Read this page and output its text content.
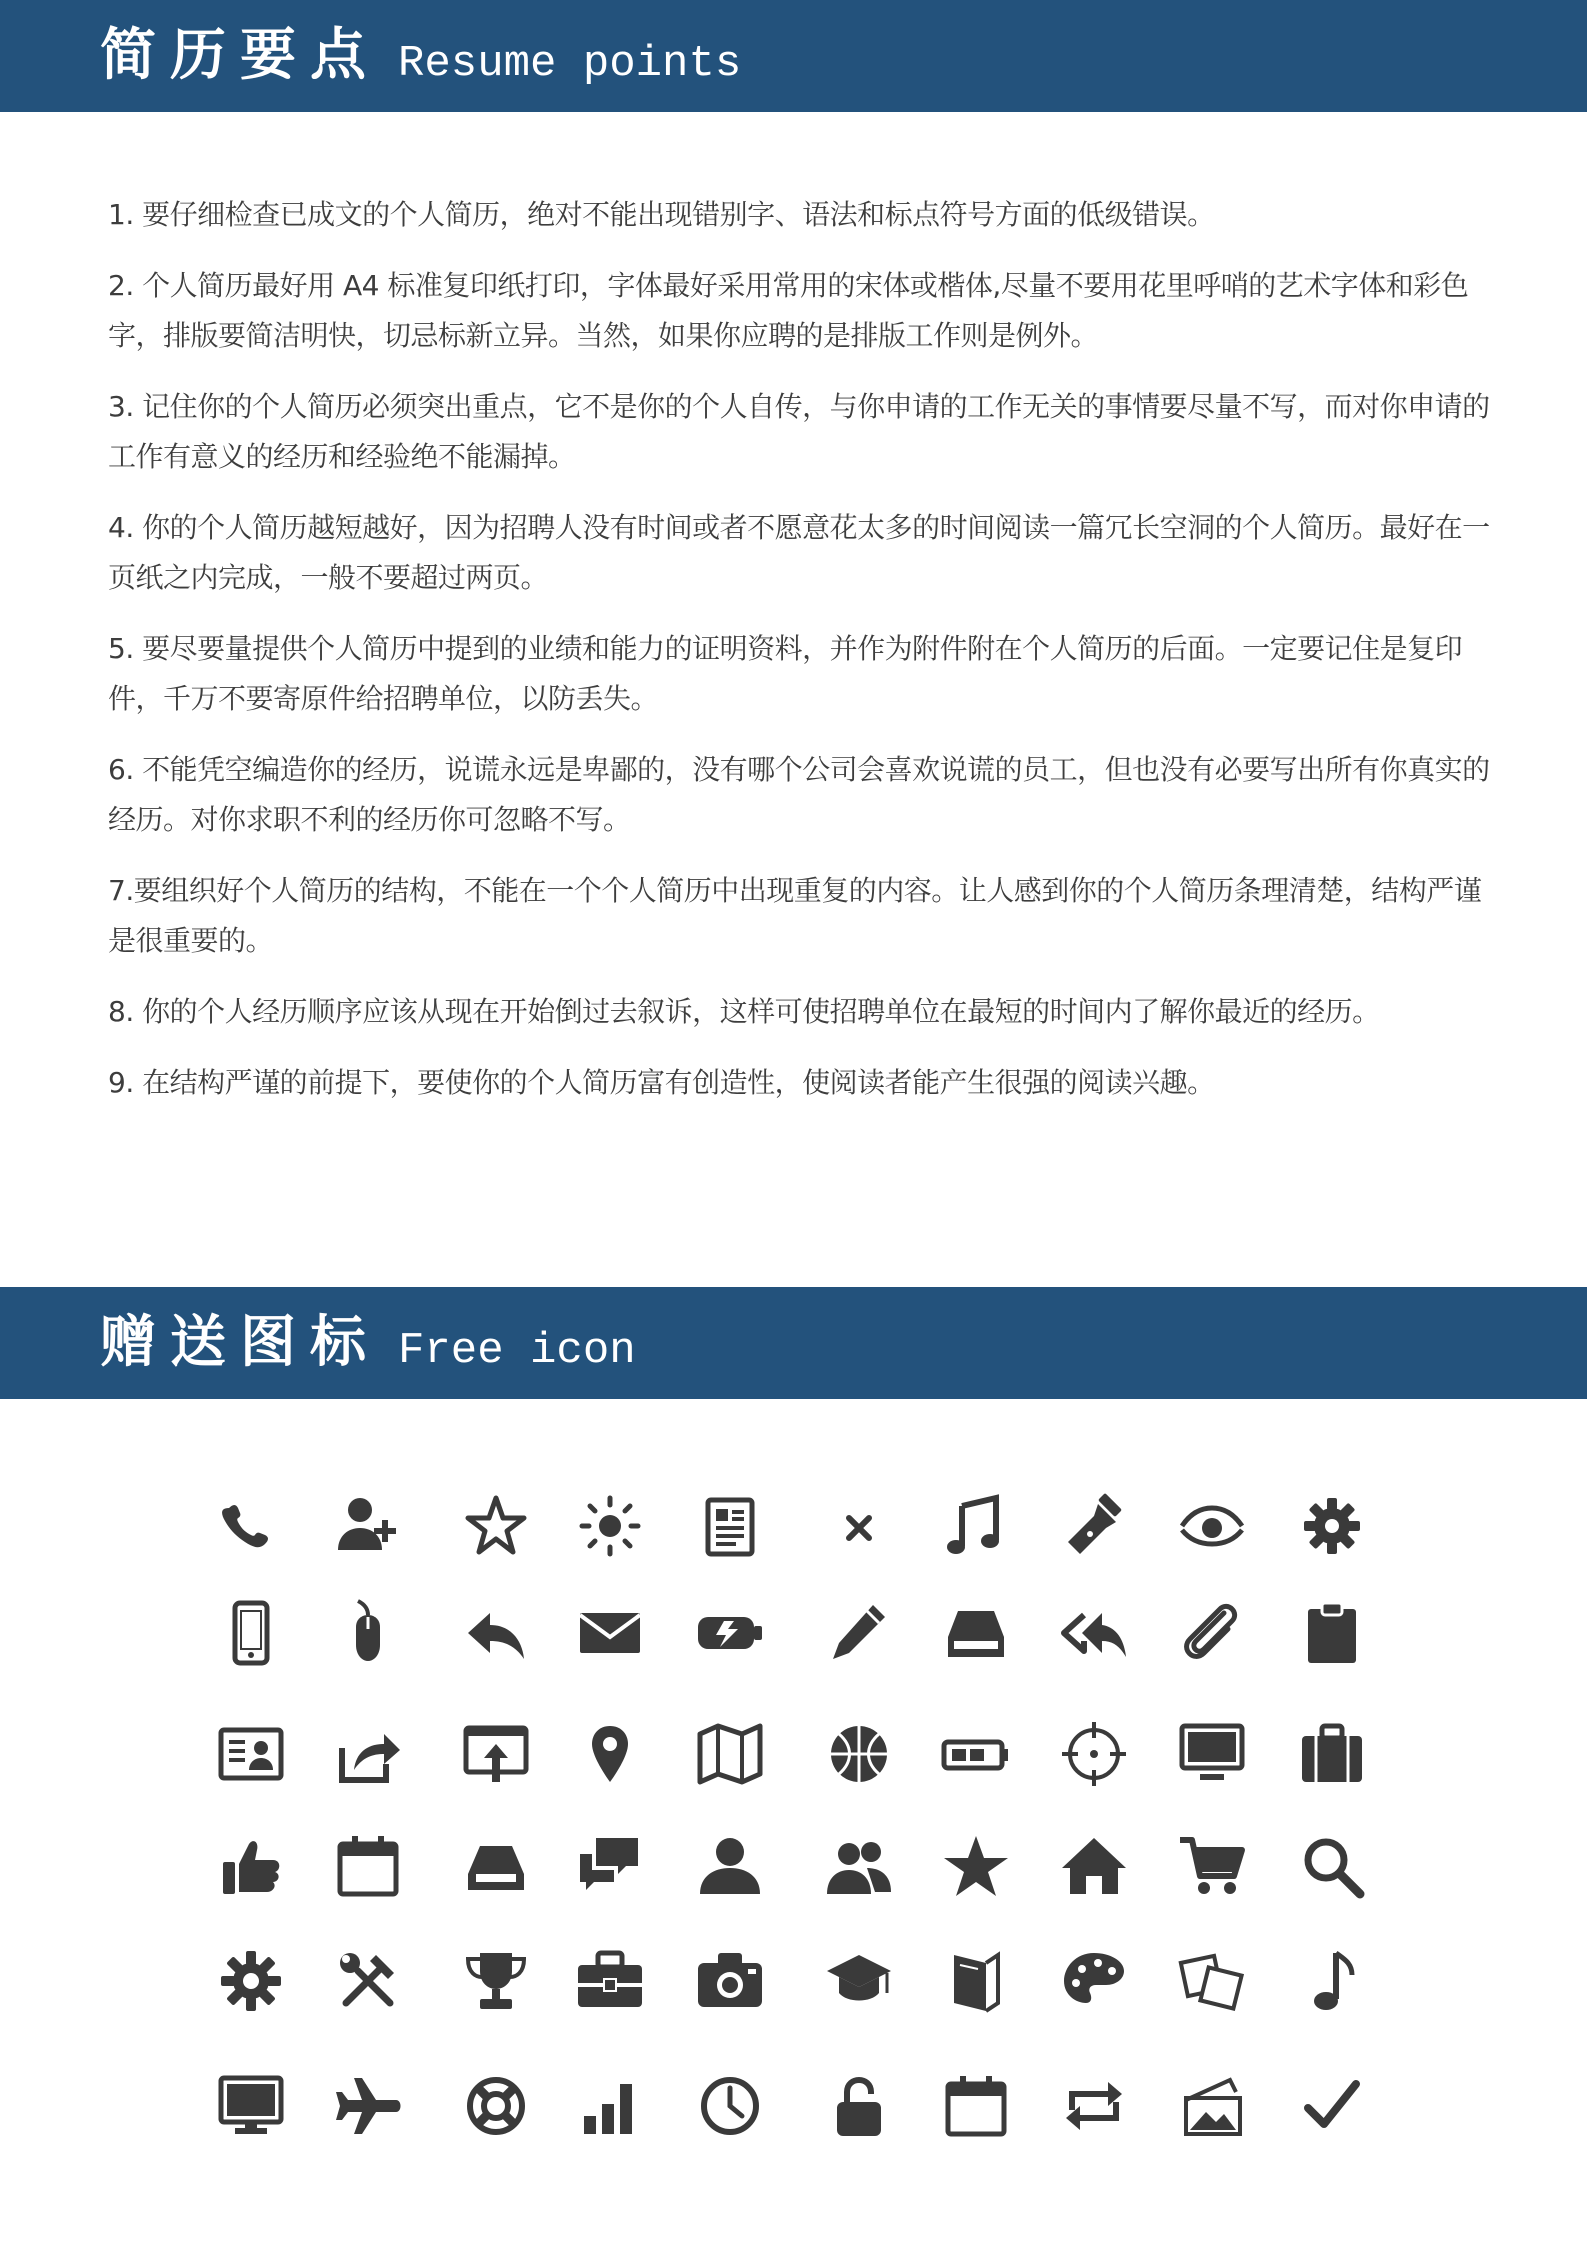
简历要点 Resume points
1. 要仔细检查已成文的个人简历，绝对不能出现错别字、语法和标点符号方面的低级错误。
2. 个人简历最好用 A4 标准复印纸打印，字体最好采用常用的宋体或楷体,尽量不要用花里呼哨的艺术字体和彩色字，排版要简洁明快，切忌标新立异。当然，如果你应聘的是排版工作则是例外。
3. 记住你的个人简历必须突出重点，它不是你的个人自传，与你申请的工作无关的事情要尽量不写，而对你申请的工作有意义的经历和经验绝不能漏掉。
4. 你的个人简历越短越好，因为招聘人没有时间或者不愿意花太多的时间阅读一篇冗长空洞的个人简历。最好在一页纸之内完成，一般不要超过两页。
5. 要尽要量提供个人简历中提到的业绩和能力的证明资料，并作为附件附在个人简历的后面。一定要记住是复印件，千万不要寄原件给招聘单位，以防丢失。
6. 不能凭空编造你的经历，说谎永远是卑鄙的，没有哪个公司会喜欢说谎的员工，但也没有必要写出所有你真实的经历。对你求职不利的经历你可忽略不写。
7.要组织好个人简历的结构，不能在一个个人简历中出现重复的内容。让人感到你的个人简历条理清楚，结构严谨是很重要的。
8. 你的个人经历顺序应该从现在开始倒过去叙诉，这样可使招聘单位在最短的时间内了解你最近的经历。
9. 在结构严谨的前提下，要使你的个人简历富有创造性，使阅读者能产生很强的阅读兴趣。
赠送图标 Free icon
